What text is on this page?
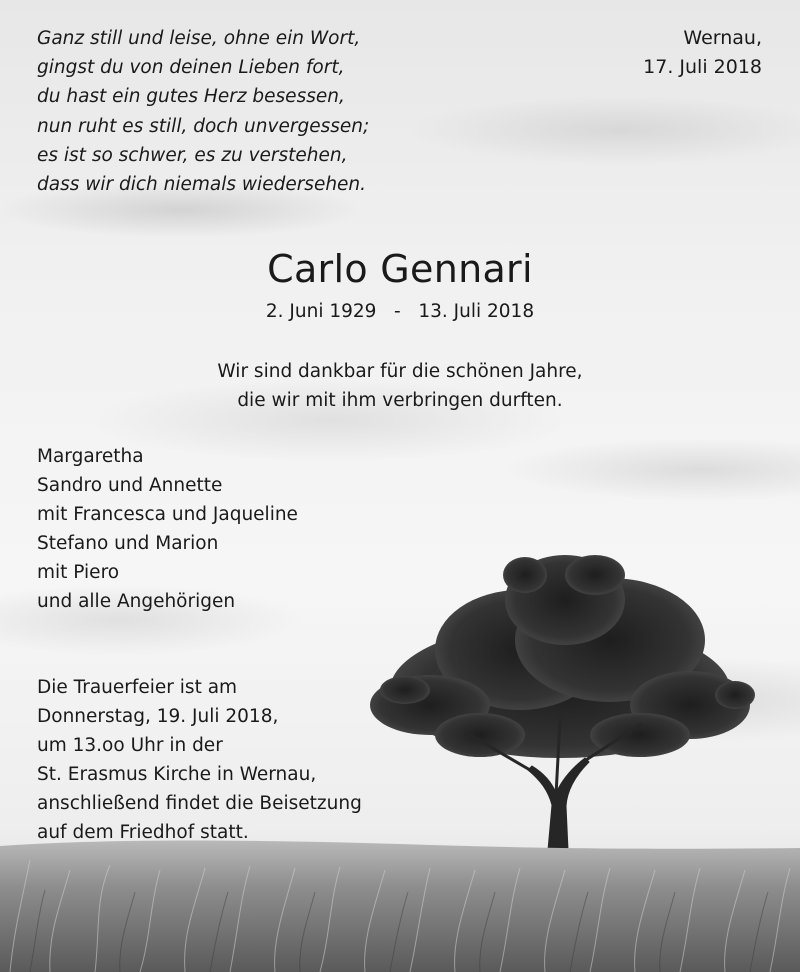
Ganz still und leise, ohne ein Wort,
gingst du von deinen Lieben fort,
du hast ein gutes Herz besessen,
nun ruht es still, doch unvergessen;
es ist so schwer, es zu verstehen,
dass wir dich niemals wiedersehen.
Wernau,
17. Juli 2018
Carlo Gennari
2. Juni 1929   -   13. Juli 2018
Wir sind dankbar für die schönen Jahre,
die wir mit ihm verbringen durften.
Margaretha
Sandro und Annette
mit Francesca und Jaqueline
Stefano und Marion
mit Piero
und alle Angehörigen
Die Trauerfeier ist am
Donnerstag, 19. Juli 2018,
um 13.oo Uhr in der
St. Erasmus Kirche in Wernau,
anschließend findet die Beisetzung
auf dem Friedhof statt.
